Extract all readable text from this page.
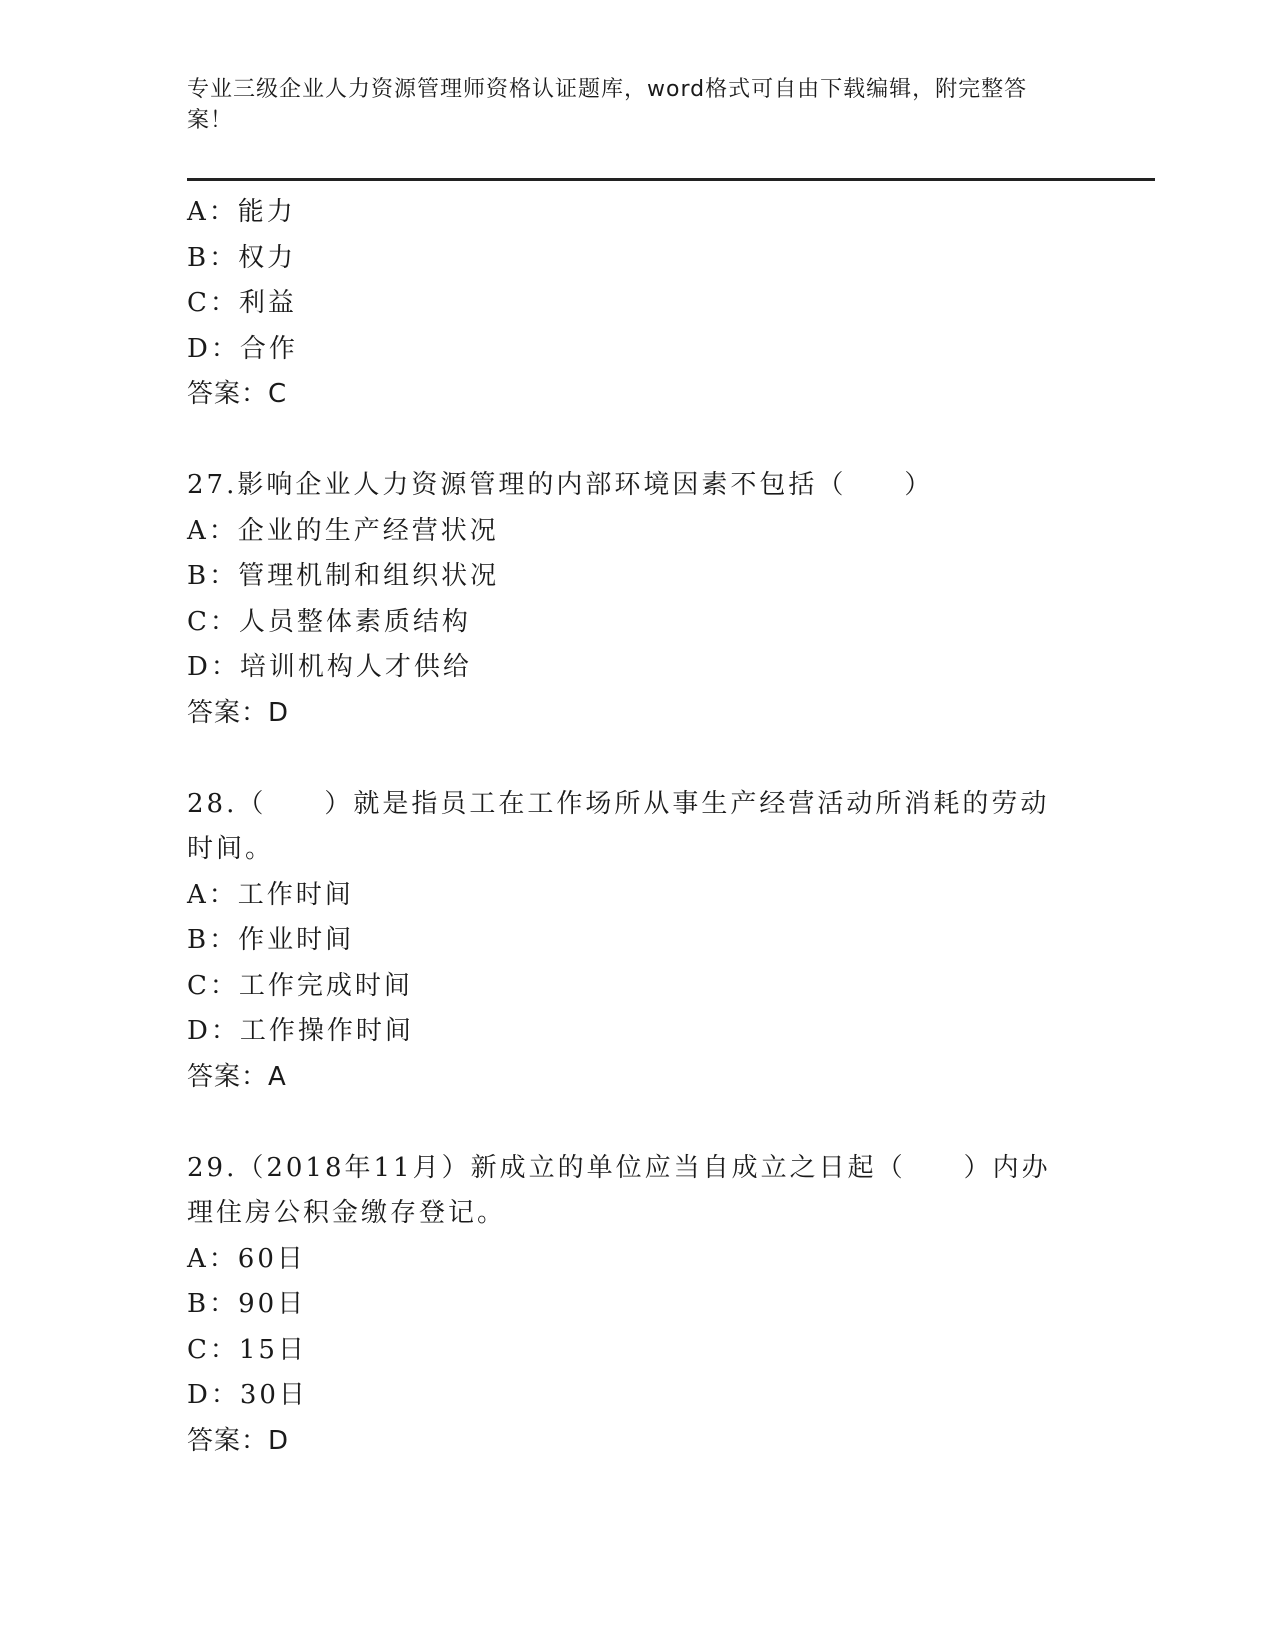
专业三级企业人力资源管理师资格认证题库，word格式可自由下载编辑，附完整答案！
A：能力
B：权力
C：利益
D：合作
答案：C
27.影响企业人力资源管理的内部环境因素不包括（　　）
A：企业的生产经营状况
B：管理机制和组织状况
C：人员整体素质结构
D：培训机构人才供给
答案：D
28.（　　）就是指员工在工作场所从事生产经营活动所消耗的劳动时间。
A：工作时间
B：作业时间
C：工作完成时间
D：工作操作时间
答案：A
29.（2018年11月）新成立的单位应当自成立之日起（　　）内办理住房公积金缴存登记。
A：60日
B：90日
C：15日
D：30日
答案：D
